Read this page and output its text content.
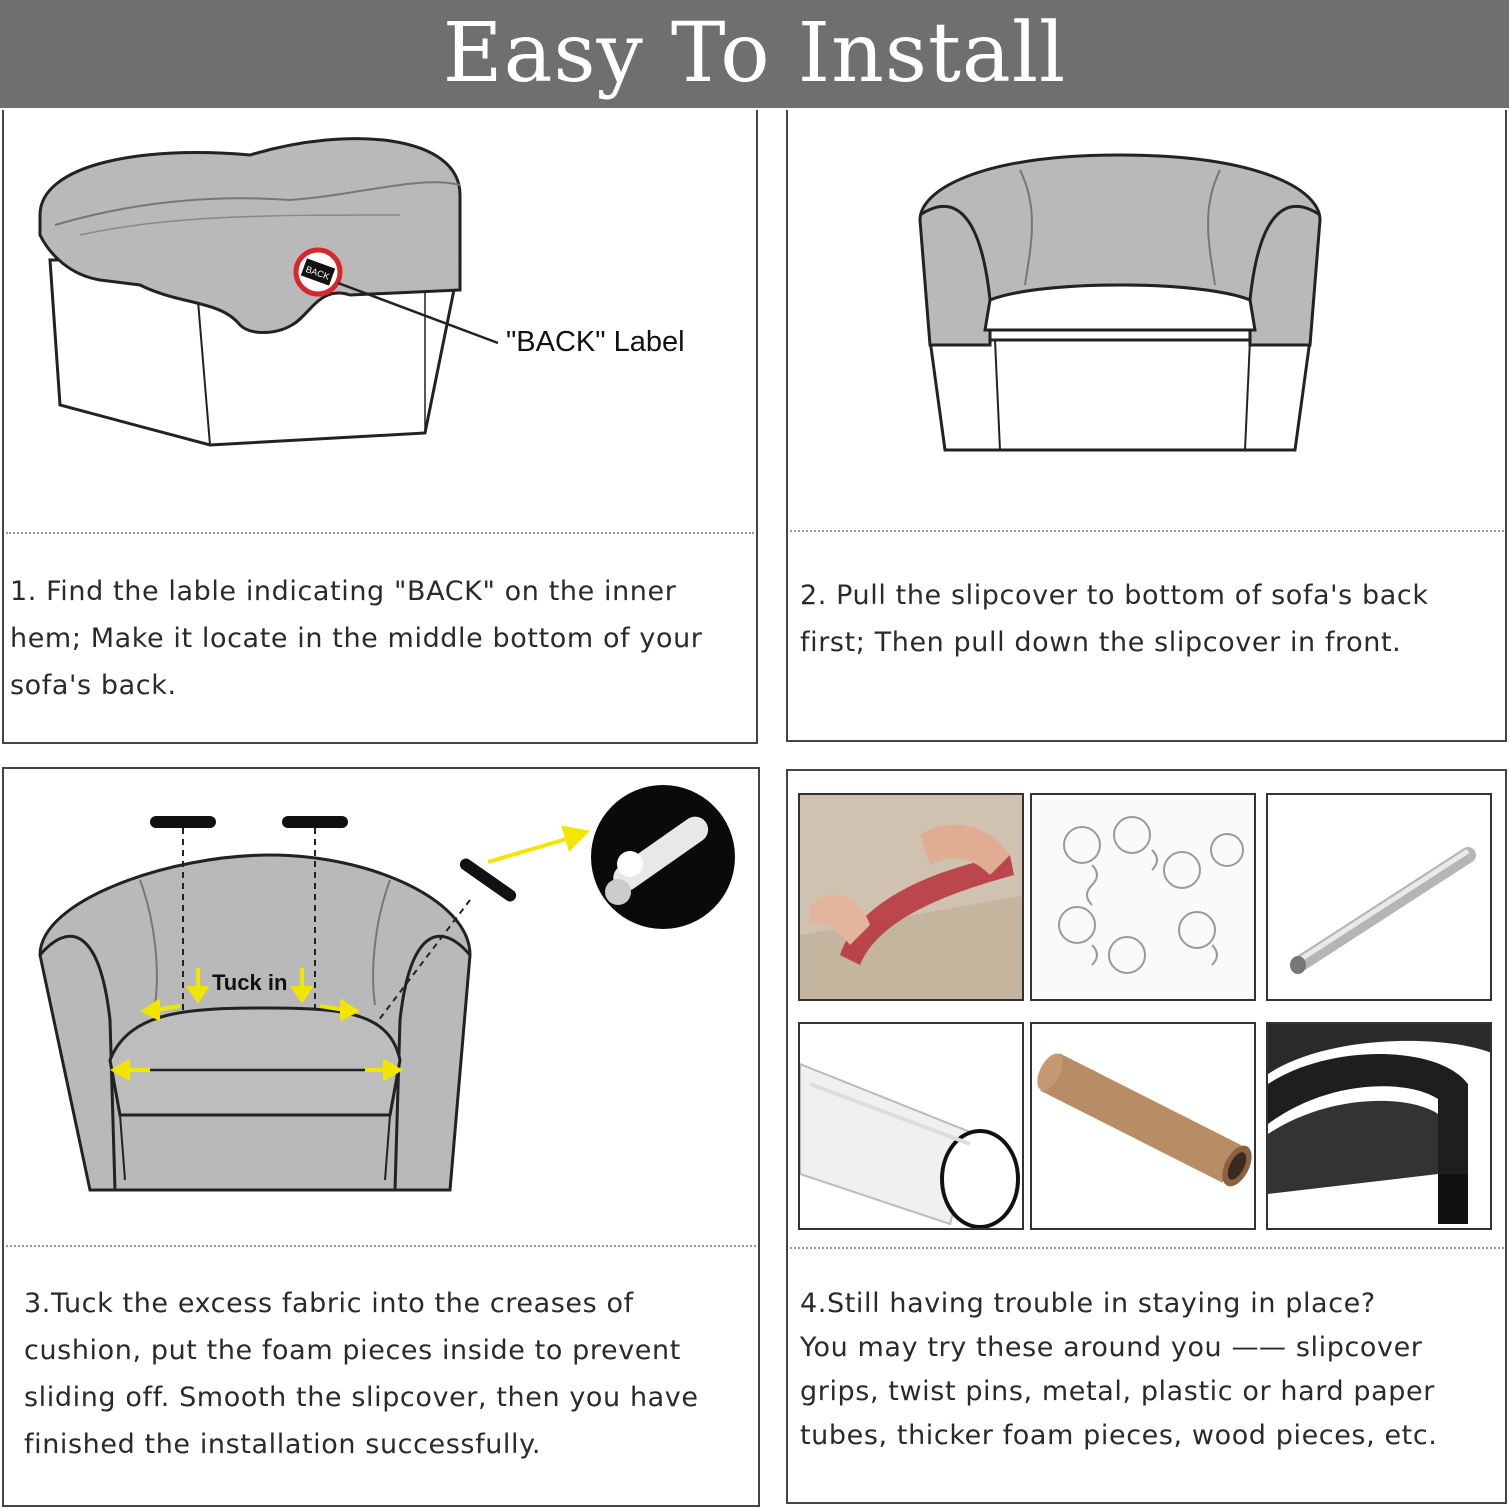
Easy To Install
BACK
"BACK" Label
1. Find the lable indicating "BACK" on the inner
hem; Make it locate in the middle bottom of your
sofa's back.
2. Pull the slipcover to bottom of sofa's back
first; Then pull down the slipcover in front.
Tuck in
3.Tuck the excess fabric into the creases of
cushion, put the foam pieces inside to prevent
sliding off. Smooth the slipcover, then you have
finished the installation successfully.
4.Still having trouble in staying in place?
You may try these around you —— slipcover
grips, twist pins, metal, plastic or hard paper
tubes, thicker foam pieces, wood pieces, etc.
